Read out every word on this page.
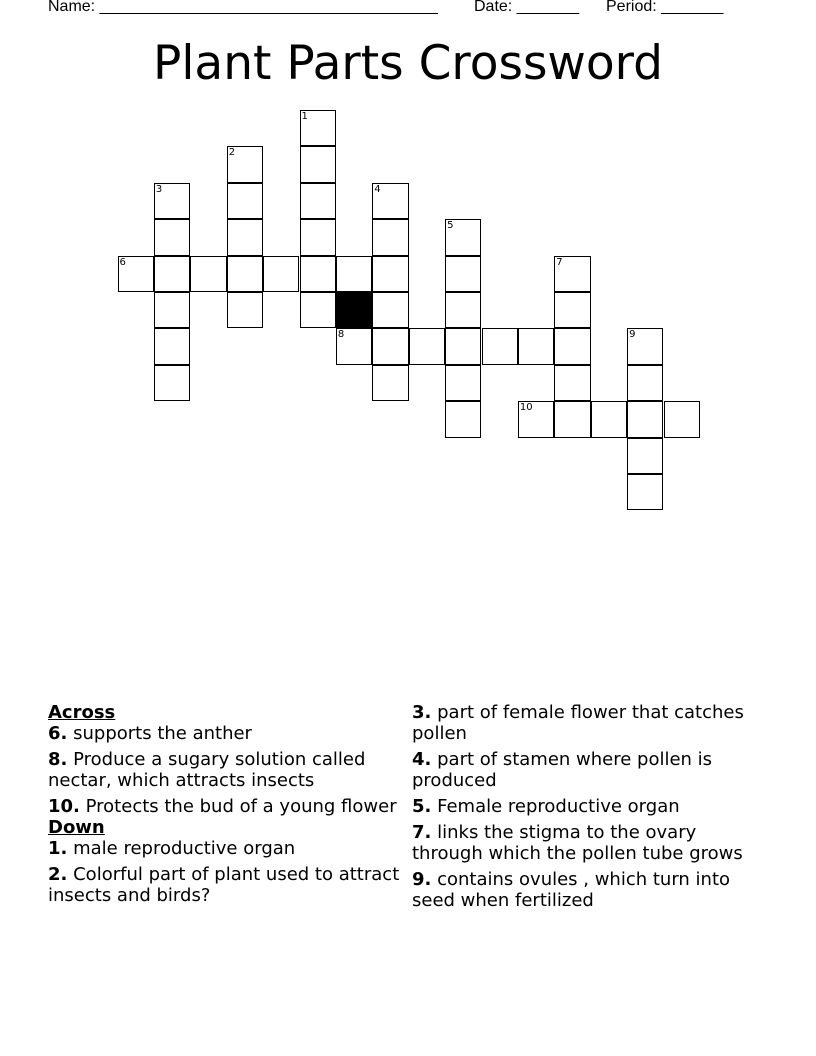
Name: ______________________________________ Date: _______ Period: _______
Plant Parts Crossword
1
2
3	4
5
6	7
8	9
10
Across
6. supports the anther
8. Produce a sugary solution called nectar, which attracts insects
10. Protects the bud of a young flower
Down
1. male reproductive organ
2. Colorful part of plant used to attract insects and birds?
3. part of female flower that catches pollen
4. part of stamen where pollen is produced
5. Female reproductive organ
7. links the stigma to the ovary through which the pollen tube grows
9. contains ovules , which turn into seed when fertilized
